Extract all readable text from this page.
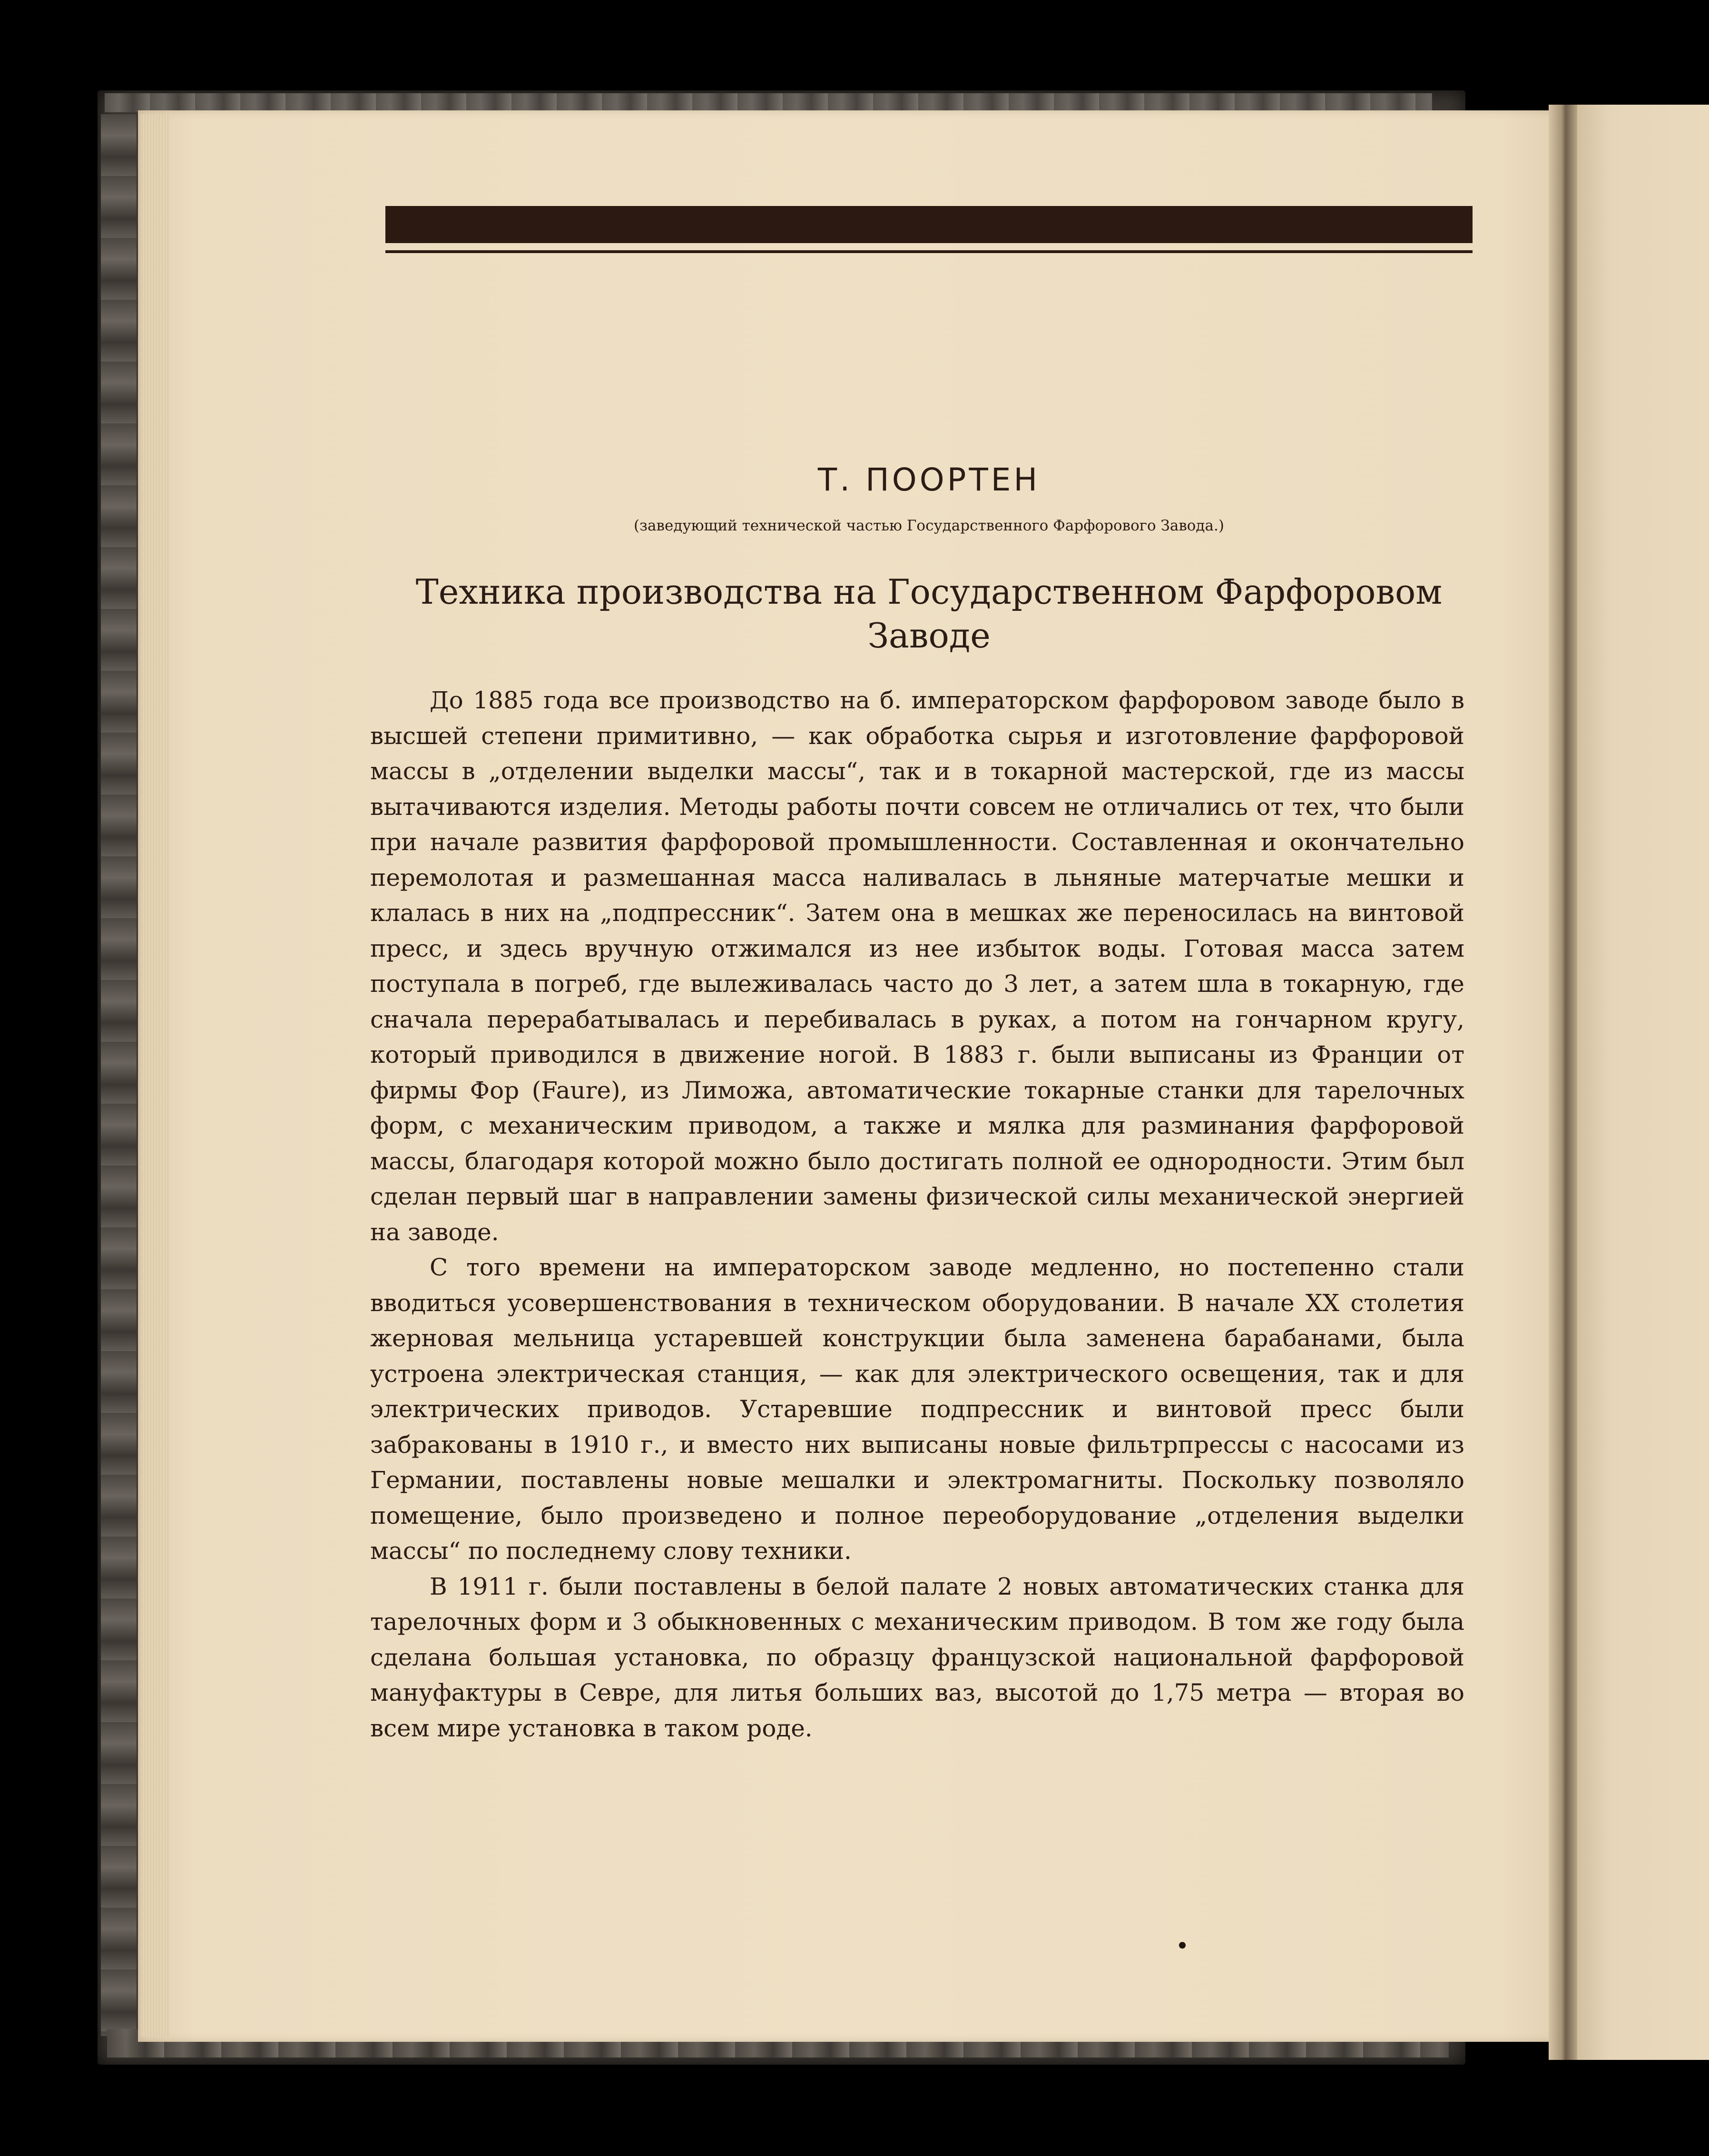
Т. ПООРТЕН
(заведующий технической частью Государственного Фарфорового Завода.)
Техника производства на Государственном Фарфоровом Заводе

До 1885 года все производство на б. императорском фарфоровом заводе было в высшей степени примитивно, — как обработка сырья и изготовление фарфоровой массы в „отделении выделки массы“, так и в токарной мастерской, где из массы вытачиваются изделия. Методы работы почти совсем не отличались от тех, что были при начале развития фарфоровой промышленности. Составленная и окончательно перемолотая и размешанная масса наливалась в льняные матерчатые мешки и клалась в них на „подпрессник“. Затем она в мешках же переносилась на винтовой пресс, и здесь вручную отжимался из нее избыток воды. Готовая масса затем поступала в погреб, где вылеживалась часто до 3 лет, а затем шла в токарную, где сначала перерабатывалась и перебивалась в руках, а потом на гончарном кругу, который приводился в движение ногой. В 1883 г. были выписаны из Франции от фирмы Фор (Faure), из Лиможа, автоматические токарные станки для тарелочных форм, с механическим приводом, а также и мялка для разминания фарфоровой массы, благодаря которой можно было достигать полной ее однородности. Этим был сделан первый шаг в направлении замены физической силы механической энергией на заводе.

С того времени на императорском заводе медленно, но постепенно стали вводиться усовершенствования в техническом оборудовании. В начале XX столетия жерновая мельница устаревшей конструкции была заменена барабанами, была устроена электрическая станция, — как для электрического освещения, так и для электрических приводов. Устаревшие подпрессник и винтовой пресс были забракованы в 1910 г., и вместо них выписаны новые фильтрпрессы с насосами из Германии, поставлены новые мешалки и электромагниты. Поскольку позволяло помещение, было произведено и полное переоборудование „отделения выделки массы“ по последнему слову техники.

В 1911 г. были поставлены в белой палате 2 новых автоматических станка для тарелочных форм и 3 обыкновенных с механическим приводом. В том же году была сделана большая установка, по образцу французской национальной фарфоровой мануфактуры в Севре, для литья больших ваз, высотой до 1,75 метра — вторая во всем мире установка в таком роде.
